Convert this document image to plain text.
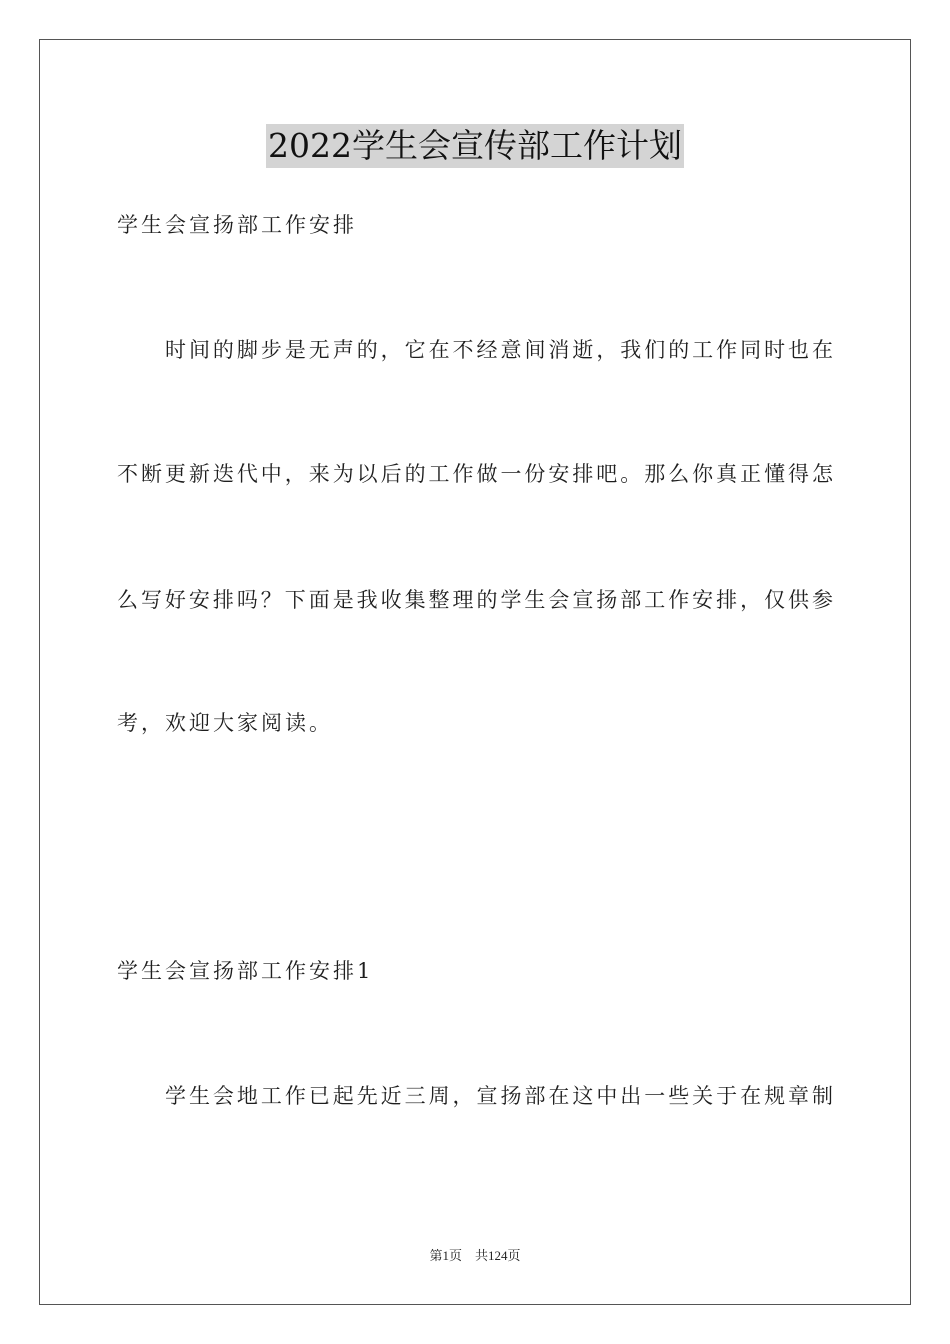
2022学生会宣传部工作计划
学生会宣扬部工作安排
时间的脚步是无声的，它在不经意间消逝，我们的工作同时也在
不断更新迭代中，来为以后的工作做一份安排吧。那么你真正懂得怎
么写好安排吗？下面是我收集整理的学生会宣扬部工作安排，仅供参
考，欢迎大家阅读。
学生会宣扬部工作安排1
学生会地工作已起先近三周，宣扬部在这中出一些关于在规章制
第1页    共124页
